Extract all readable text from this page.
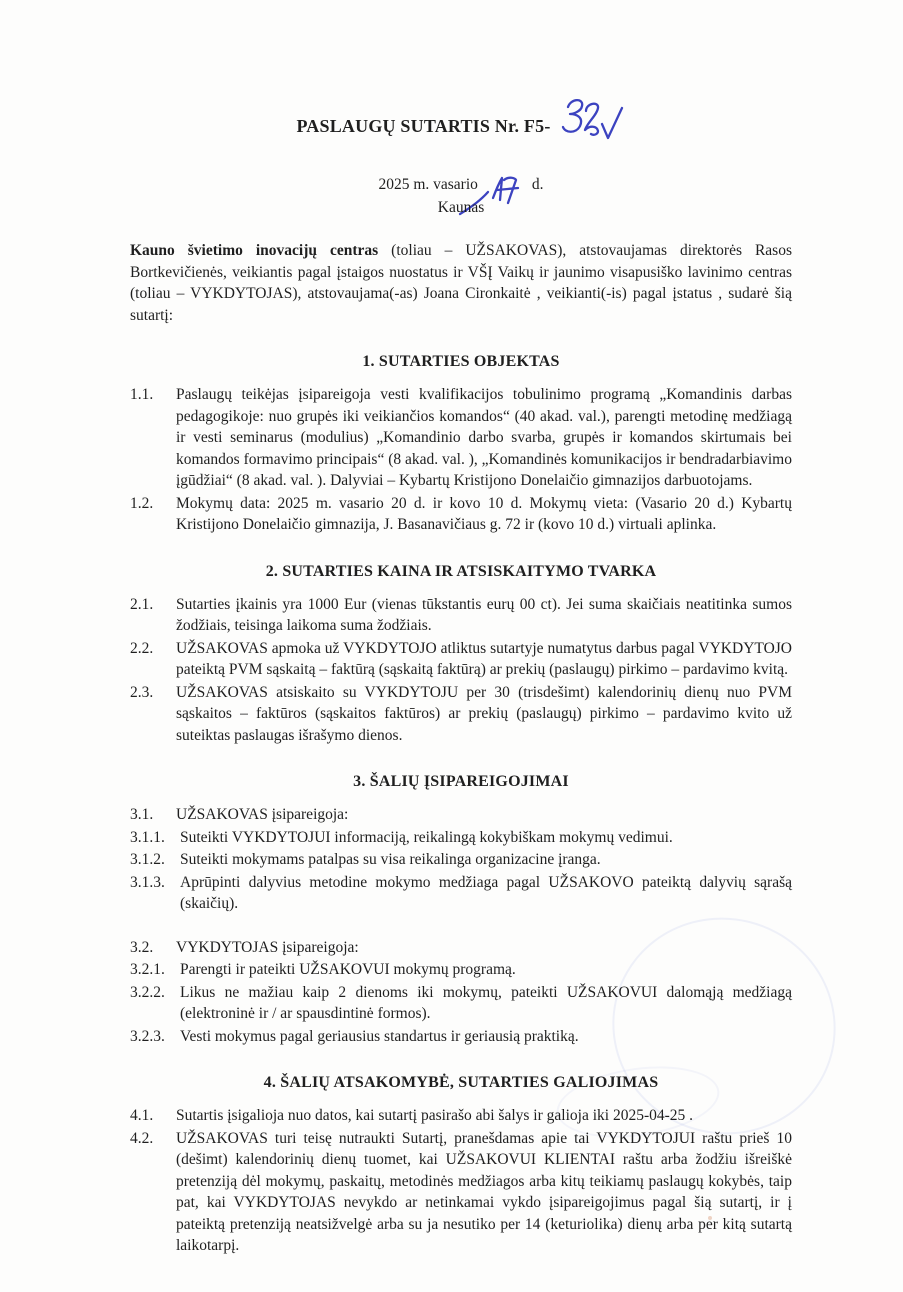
PASLAUGŲ SUTARTIS Nr. F5-
2025 m. vasario	d.
Kaunas

Kauno švietimo inovacijų centras (toliau – UŽSAKOVAS), atstovaujamas direktorės Rasos Bortkevičienės, veikiantis pagal įstaigos nuostatus ir VŠĮ Vaikų ir jaunimo visapusiško lavinimo centras (toliau – VYKDYTOJAS), atstovaujama(-as) Joana Cironkaitė , veikianti(-is) pagal įstatus , sudarė šią sutartį:

1. SUTARTIES OBJEKTAS
1.1.	Paslaugų teikėjas įsipareigoja vesti kvalifikacijos tobulinimo programą „Komandinis darbas pedagogikoje: nuo grupės iki veikiančios komandos“ (40 akad. val.), parengti metodinę medžiagą ir vesti seminarus (modulius) „Komandinio darbo svarba, grupės ir komandos skirtumais bei komandos formavimo principais“ (8 akad. val. ), „Komandinės komunikacijos ir bendradarbiavimo įgūdžiai“ (8 akad. val. ). Dalyviai – Kybartų Kristijono Donelaičio gimnazijos darbuotojams.
1.2.	Mokymų data: 2025 m. vasario 20 d. ir kovo 10 d. Mokymų vieta: (Vasario 20 d.) Kybartų Kristijono Donelaičio gimnazija, J. Basanavičiaus g. 72 ir (kovo 10 d.) virtuali aplinka.
2. SUTARTIES KAINA IR ATSISKAITYMO TVARKA
2.1.	Sutarties įkainis yra 1000 Eur (vienas tūkstantis eurų 00 ct). Jei suma skaičiais neatitinka sumos žodžiais, teisinga laikoma suma žodžiais.
2.2.	UŽSAKOVAS apmoka už VYKDYTOJO atliktus sutartyje numatytus darbus pagal VYKDYTOJO pateiktą PVM sąskaitą – faktūrą (sąskaitą faktūrą) ar prekių (paslaugų) pirkimo – pardavimo kvitą.
2.3.	UŽSAKOVAS atsiskaito su VYKDYTOJU per 30 (trisdešimt) kalendorinių dienų nuo PVM sąskaitos – faktūros (sąskaitos faktūros) ar prekių (paslaugų) pirkimo – pardavimo kvito už suteiktas paslaugas išrašymo dienos.
3. ŠALIŲ ĮSIPAREIGOJIMAI
3.1.	UŽSAKOVAS įsipareigoja:
3.1.1. Suteikti VYKDYTOJUI informaciją, reikalingą kokybiškam mokymų vedimui.
3.1.2. Suteikti mokymams patalpas su visa reikalinga organizacine įranga.
3.1.3. Aprūpinti dalyvius metodine mokymo medžiaga pagal UŽSAKOVO pateiktą dalyvių sąrašą (skaičių).
3.2.	VYKDYTOJAS įsipareigoja:
3.2.1. Parengti ir pateikti UŽSAKOVUI mokymų programą.
3.2.2. Likus ne mažiau kaip 2 dienoms iki mokymų, pateikti UŽSAKOVUI dalomąją medžiagą (elektroninė ir / ar spausdintinė formos).
3.2.3. Vesti mokymus pagal geriausius standartus ir geriausią praktiką.
4. ŠALIŲ ATSAKOMYBĖ, SUTARTIES GALIOJIMAS
4.1.	Sutartis įsigalioja nuo datos, kai sutartį pasirašo abi šalys ir galioja iki 2025-04-25 .
4.2.	UŽSAKOVAS turi teisę nutraukti Sutartį, pranešdamas apie tai VYKDYTOJUI raštu prieš 10 (dešimt) kalendorinių dienų tuomet, kai UŽSAKOVUI KLIENTAI raštu arba žodžiu išreiškė pretenziją dėl mokymų, paskaitų, metodinės medžiagos arba kitų teikiamų paslaugų kokybės, taip pat, kai VYKDYTOJAS nevykdo ar netinkamai vykdo įsipareigojimus pagal šią sutartį, ir į pateiktą pretenziją neatsižvelgė arba su ja nesutiko per 14 (keturiolika) dienų arba per kitą sutartą laikotarpį.
